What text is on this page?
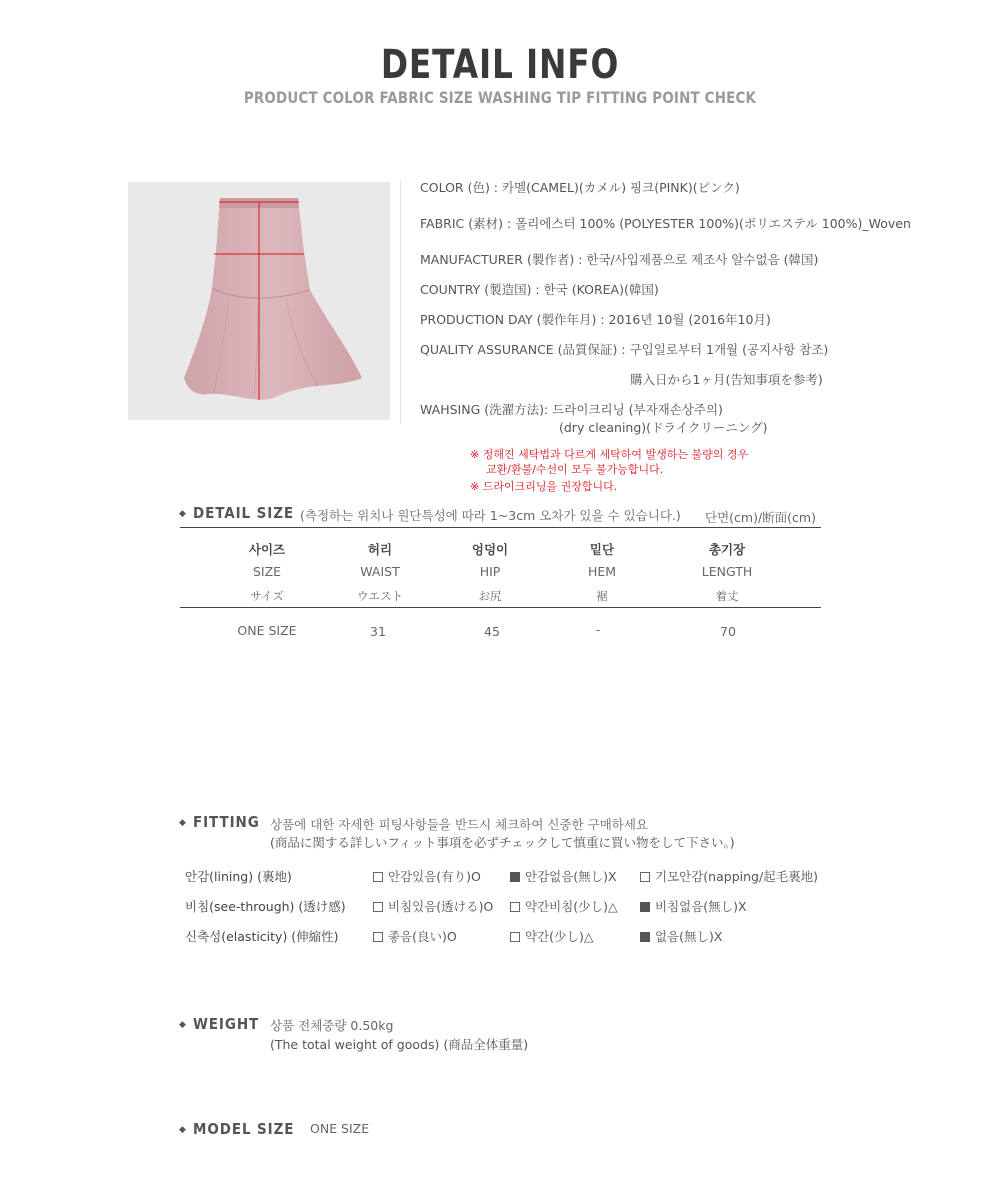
DETAIL INFO
PRODUCT COLOR FABRIC SIZE WASHING TIP FITTING POINT CHECK
COLOR (色) : 카멜(CAMEL)(カメル) 핑크(PINK)(ピンク)
FABRIC (素材) : 폴리에스터 100% (POLYESTER 100%)(ポリエステル 100%)_Woven
MANUFACTURER (製作者) : 한국/사입제품으로 제조사 알수없음 (韓国)
COUNTRY (製造国) : 한국 (KOREA)(韓国)
PRODUCTION DAY (製作年月) : 2016년 10월 (2016年10月)
QUALITY ASSURANCE (品質保証) : 구입일로부터 1개월 (공지사항 참조)
購入日から1ヶ月(告知事項を参考)
WAHSING (洗濯方法): 드라이크리닝 (부자재손상주의)
(dry cleaning)(ドライクリーニング)
※ 정해진 세탁법과 다르게 세탁하여 발생하는 불량의 경우
교환/환불/수선이 모두 불가능합니다.
※ 드라이크리닝을 권장합니다.
◆ DETAIL SIZE (측정하는 위치나 원단특성에 따라 1~3cm 오차가 있을 수 있습니다.) 단면(cm)/断面(cm)
사이즈	허리	엉덩이	밑단	총기장
SIZE	WAIST	HIP	HEM	LENGTH
サイズ	ウエスト	お尻	裾	着丈
ONE SIZE	31	45	-	70
◆ FITTING 상품에 대한 자세한 피팅사항들을 반드시 체크하여 신중한 구매하세요
(商品に関する詳しいフィット事項を必ずチェックして慎重に買い物をして下さい。)
안감(lining) (裏地)	안감있음(有り)O	안감없음(無し)X	기모안감(napping/起毛裏地)
비침(see-through) (透け感)	비침있음(透ける)O	약간비침(少し)△	비침없음(無し)X
신축성(elasticity) (伸縮性)	좋음(良い)O	약간(少し)△	없음(無し)X
◆ WEIGHT 상품 전체중량 0.50kg
(The total weight of goods) (商品全体重量)
◆ MODEL SIZE ONE SIZE
